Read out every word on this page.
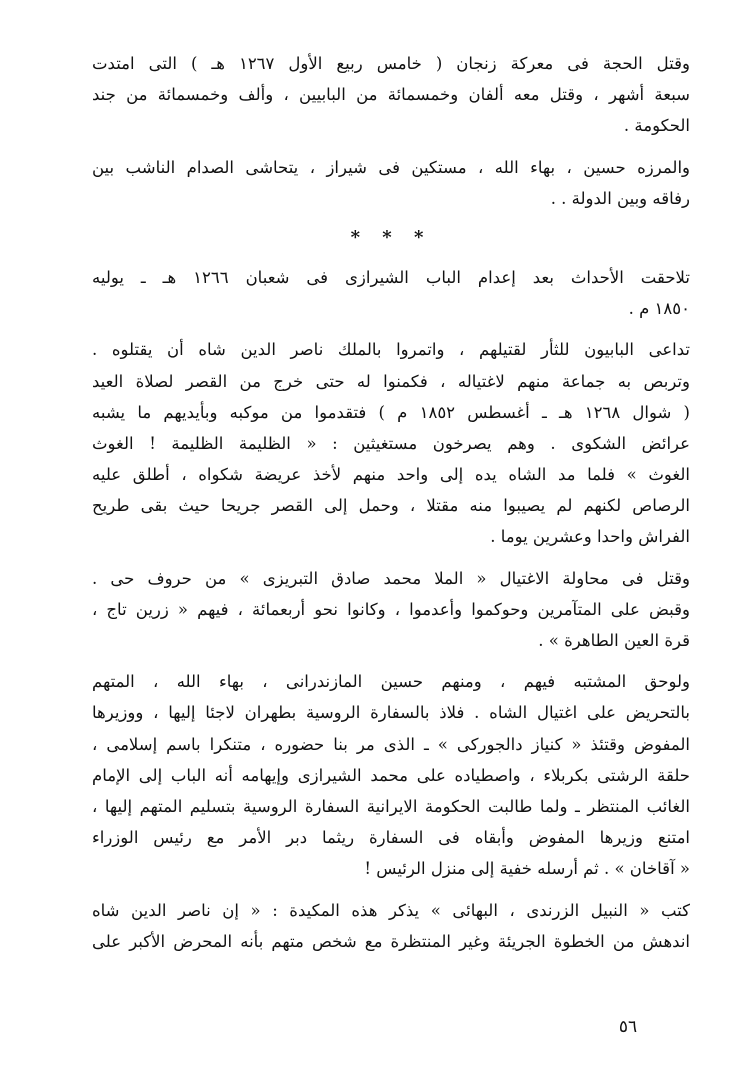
وقتل الحجة فى معركة زنجان ( خامس ربيع الأول ١٢٦٧ هـ ) التى امتدت
سبعة أشهر ، وقتل معه ألفان وخمسمائة من البابيين ، وألف وخمسمائة من جند
الحكومة .
والمرزه حسين ، بهاء الله ، مستكين فى شيراز ، يتحاشى الصدام الناشب بين
رفاقه وبين الدولة . .
* * *
تلاحقت الأحداث بعد إعدام الباب الشيرازى فى شعبان ١٢٦٦ هـ ـ يوليه
١٨٥٠ م .
تداعى البابيون للثأر لقتيلهم ، واتمروا بالملك ناصر الدين شاه أن يقتلوه .
وتربص به جماعة منهم لاغتياله ، فكمنوا له حتى خرج من القصر لصلاة العيد
( شوال ١٢٦٨ هـ ـ أغسطس ١٨٥٢ م ) فتقدموا من موكبه وبأيديهم ما يشبه
عرائض الشكوى . وهم يصرخون مستغيثين : « الظليمة الظليمة ! الغوث
الغوث » فلما مد الشاه يده إلى واحد منهم لأخذ عريضة شكواه ، أطلق عليه
الرصاص لكنهم لم يصيبوا منه مقتلا ، وحمل إلى القصر جريحا حيث بقى طريح
الفراش واحدا وعشرين يوما .
وقتل فى محاولة الاغتيال « الملا محمد صادق التبريزى » من حروف حى .
وقبض على المتآمرين وحوكموا وأعدموا ، وكانوا نحو أربعمائة ، فيهم « زرين تاج ،
قرة العين الطاهرة » .
ولوحق المشتبه فيهم ، ومنهم حسين المازندرانى ، بهاء الله ، المتهم
بالتحريض على اغتيال الشاه . فلاذ بالسفارة الروسية بطهران لاجئا إليها ، ووزيرها
المفوض وقتئذ « كنياز دالجوركى » ـ الذى مر بنا حضوره ، متنكرا باسم إسلامى ،
حلقة الرشتى بكربلاء ، واصطياده على محمد الشيرازى وإيهامه أنه الباب إلى الإمام
الغائب المنتظر ـ ولما طالبت الحكومة الايرانية السفارة الروسية بتسليم المتهم إليها ،
امتنع وزيرها المفوض وأبقاه فى السفارة ريثما دبر الأمر مع رئيس الوزراء
« آقاخان » . ثم أرسله خفية إلى منزل الرئيس !
كتب « النبيل الزرندى ، البهائى » يذكر هذه المكيدة : « إن ناصر الدين شاه
اندهش من الخطوة الجريئة وغير المنتظرة مع شخص متهم بأنه المحرض الأكبر على
٥٦
